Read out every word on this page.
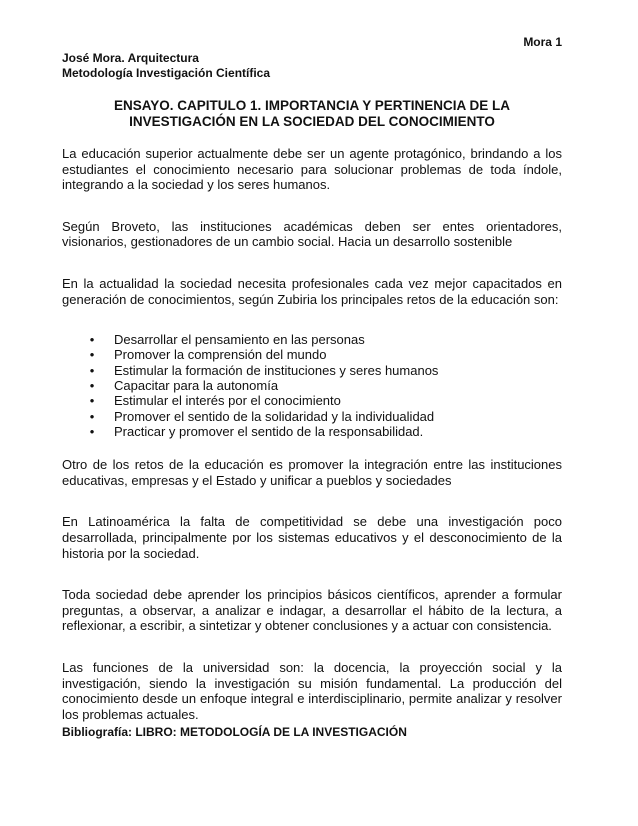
Mora 1
José Mora. Arquitectura
Metodología Investigación Científica
ENSAYO. CAPITULO 1. IMPORTANCIA Y PERTINENCIA DE LA INVESTIGACIÓN EN LA SOCIEDAD DEL CONOCIMIENTO

La educación superior actualmente debe ser un agente protagónico, brindando a los estudiantes el conocimiento necesario para solucionar problemas de toda índole, integrando a la sociedad y los seres humanos.

Según Broveto, las instituciones académicas deben ser entes orientadores, visionarios, gestionadores de un cambio social. Hacia un desarrollo sostenible

En la actualidad la sociedad necesita profesionales cada vez mejor capacitados en generación de conocimientos, según Zubiria los principales retos de la educación son:

• Desarrollar el pensamiento en las personas
• Promover la comprensión del mundo
• Estimular la formación de instituciones y seres humanos
• Capacitar para la autonomía
• Estimular el interés por el conocimiento
• Promover el sentido de la solidaridad y la individualidad
• Practicar y promover el sentido de la responsabilidad.

Otro de los retos de la educación es promover la integración entre las instituciones educativas, empresas y el Estado y unificar a pueblos y sociedades

En Latinoamérica la falta de competitividad se debe una investigación poco desarrollada, principalmente por los sistemas educativos y el desconocimiento de la historia por la sociedad.

Toda sociedad debe aprender los principios básicos científicos, aprender a formular preguntas, a observar, a analizar e indagar, a desarrollar el hábito de la lectura, a reflexionar, a escribir, a sintetizar y obtener conclusiones y a actuar con consistencia.

Las funciones de la universidad son: la docencia, la proyección social y la investigación, siendo la investigación su misión fundamental. La producción del conocimiento desde un enfoque integral e interdisciplinario, permite analizar y resolver los problemas actuales.

Bibliografía: LIBRO: METODOLOGÍA DE LA INVESTIGACIÓN
